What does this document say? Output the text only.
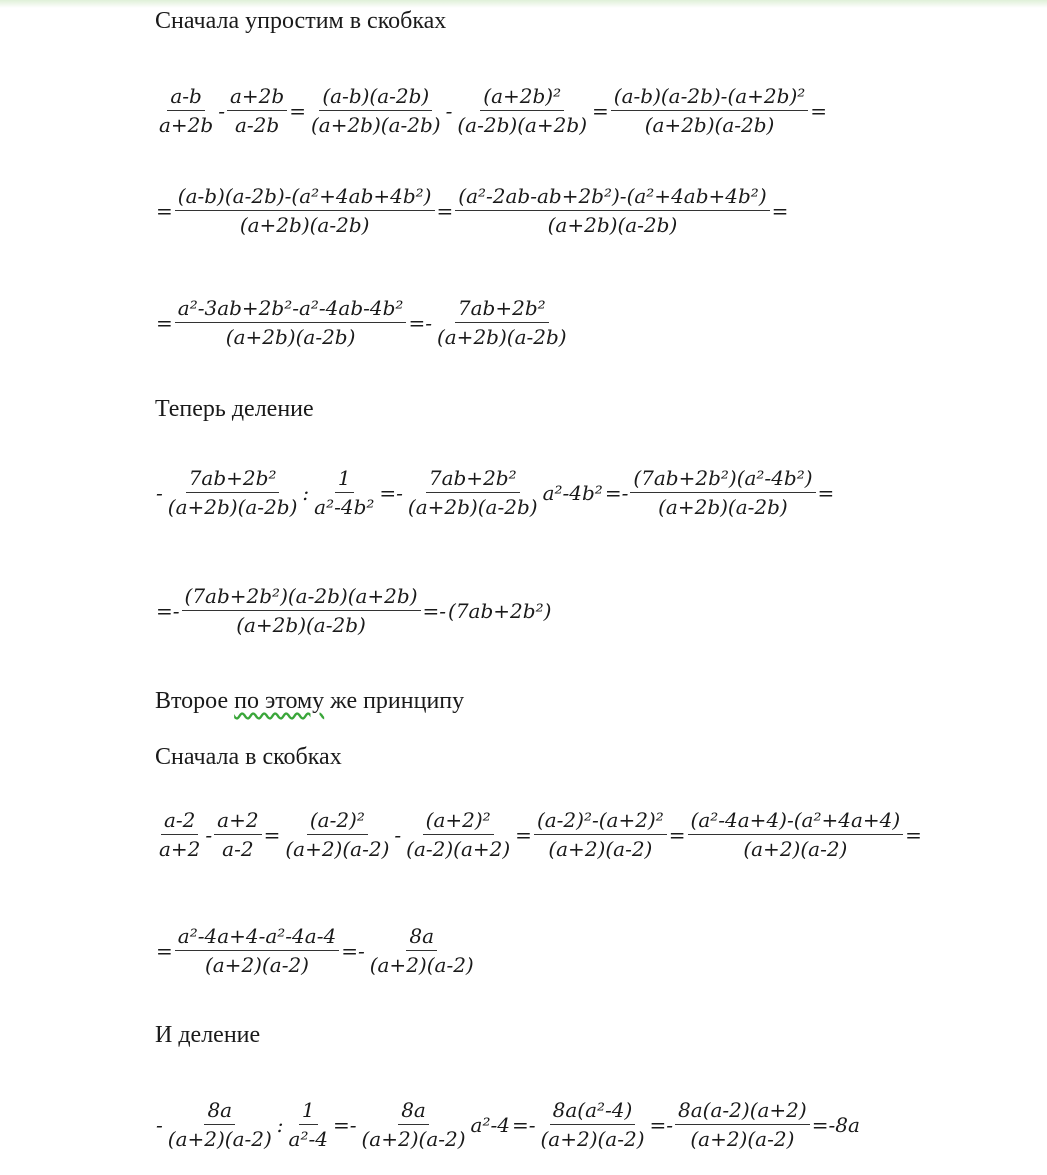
Сначала упростим в скобках
$\frac{a-b}{a+2b} - \frac{a+2b}{a-2b} = \frac{(a-b)(a-2b)}{(a+2b)(a-2b)} - \frac{\text{(a+2b)²}}{(a-2b)(a+2b)} = \frac{\text{(a-b)(a-2b)-(a+2b)²}}{(a+2b)(a-2b)}$ =
= $\frac{\text{(a-b)(a-2b)-(a²+4ab+4b²)}}{(a+2b)(a-2b)} = \frac{\text{(a²-2ab-ab+2b²)-(a²+4ab+4b²)}}{(a+2b)(a-2b)}$ =
= $\frac{\text{a²-3ab+2b²-a²-4ab-4b²}}{(a+2b)(a-2b)} =- \frac{\text{7ab+2b²}}{(a+2b)(a-2b)}$
Теперь деление
- $\frac{\text{7ab+2b²}}{(a+2b)(a-2b)}$ : $\frac{1}{\text{a²-4b²}} =- \frac{\text{7ab+2b²}}{(a+2b)(a-2b)} a^2-4b^2 =- \frac{\text{(7ab+2b²)(a²-4b²)}}{(a+2b)(a-2b)}$ =
=- $\frac{\text{(7ab+2b²)(a-2b)(a+2b)}}{(a+2b)(a-2b)} =- (7ab+2b^2)$
Второе по этому же принципу
Сначала в скобках
$\frac{a-2}{a+2} - \frac{a+2}{a-2} = \frac{\text{(a-2)²}}{(a+2)(a-2)} - \frac{\text{(a+2)²}}{(a-2)(a+2)} = \frac{\text{(a-2)²-(a+2)²}}{(a+2)(a-2)} = \frac{\text{(a²-4a+4)-(a²+4a+4)}}{(a+2)(a-2)}$ =
= $\frac{\text{a²-4a+4-a²-4a-4}}{(a+2)(a-2)} =- \frac{8a}{(a+2)(a-2)}$
И деление
- $\frac{8a}{(a+2)(a-2)}$ : $\frac{1}{\text{a²-4}} =- \frac{8a}{(a+2)(a-2)} a^2-4 =- \frac{\text{8a(a²-4)}}{(a+2)(a-2)} =- \frac{8a(a-2)(a+2)}{(a+2)(a-2)} =-8a$
